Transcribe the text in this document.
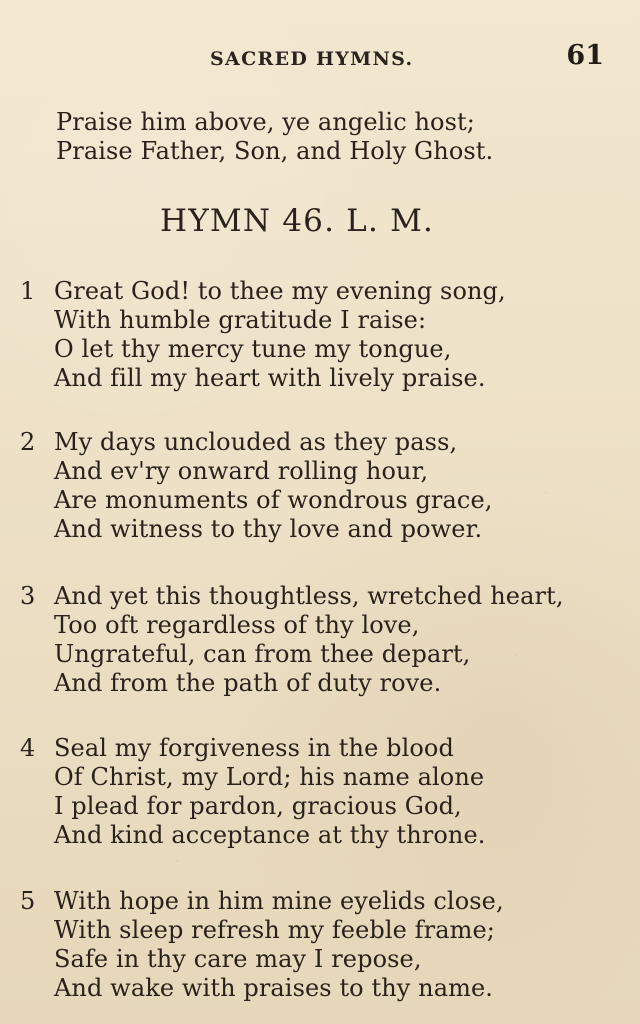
SACRED HYMNS.	61
Praise him above, ye angelic host;
Praise Father, Son, and Holy Ghost.
HYMN 46. L. M.
1 Great God! to thee my evening song,
With humble gratitude I raise:
O let thy mercy tune my tongue,
And fill my heart with lively praise.
2 My days unclouded as they pass,
And ev'ry onward rolling hour,
Are monuments of wondrous grace,
And witness to thy love and power.
3 And yet this thoughtless, wretched heart,
Too oft regardless of thy love,
Ungrateful, can from thee depart,
And from the path of duty rove.
4 Seal my forgiveness in the blood
Of Christ, my Lord; his name alone
I plead for pardon, gracious God,
And kind acceptance at thy throne.
5 With hope in him mine eyelids close,
With sleep refresh my feeble frame;
Safe in thy care may I repose,
And wake with praises to thy name.
